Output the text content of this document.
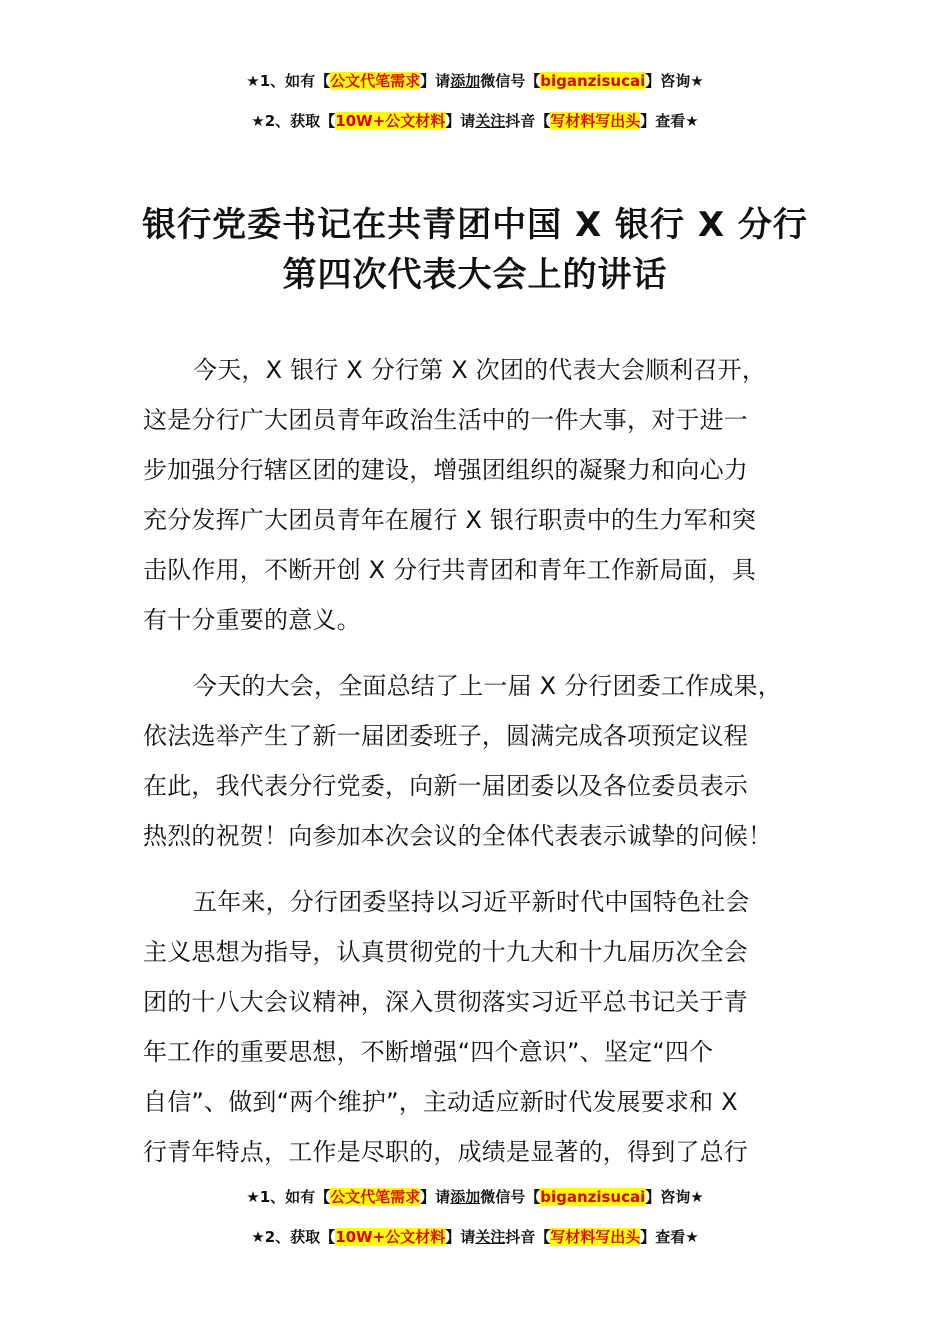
★1、如有【公文代笔需求】请添加微信号【biganzisucai】咨询★
★2、获取【10W+公文材料】请关注抖音【写材料写出头】查看★
银行党委书记在共青团中国 X 银行 X 分行
第四次代表大会上的讲话
今天，X 银行 X 分行第 X 次团的代表大会顺利召开，
这是分行广大团员青年政治生活中的一件大事，对于进一
步加强分行辖区团的建设，增强团组织的凝聚力和向心力
充分发挥广大团员青年在履行 X 银行职责中的生力军和突
击队作用，不断开创 X 分行共青团和青年工作新局面，具
有十分重要的意义。
今天的大会，全面总结了上一届 X 分行团委工作成果，
依法选举产生了新一届团委班子，圆满完成各项预定议程
在此，我代表分行党委，向新一届团委以及各位委员表示
热烈的祝贺！向参加本次会议的全体代表表示诚挚的问候！
五年来，分行团委坚持以习近平新时代中国特色社会
主义思想为指导，认真贯彻党的十九大和十九届历次全会
团的十八大会议精神，深入贯彻落实习近平总书记关于青
年工作的重要思想，不断增强“四个意识”、坚定“四个
自信”、做到“两个维护”，主动适应新时代发展要求和 X
行青年特点，工作是尽职的，成绩是显著的，得到了总行
★1、如有【公文代笔需求】请添加微信号【biganzisucai】咨询★
★2、获取【10W+公文材料】请关注抖音【写材料写出头】查看★
